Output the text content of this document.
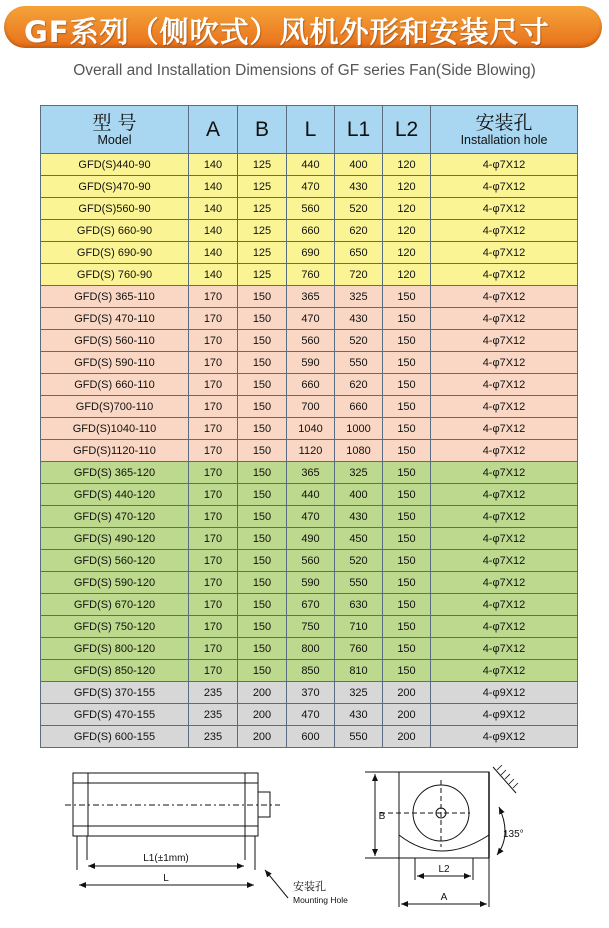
GF系列（侧吹式）风机外形和安装尺寸
Overall and Installation Dimensions of GF series Fan(Side Blowing)
型 号
Model	A	B	L	L1	L2	安装孔
Installation hole

GFD(S)440-90	140	125	440	400	120	4-φ7X12
GFD(S)470-90	140	125	470	430	120	4-φ7X12
GFD(S)560-90	140	125	560	520	120	4-φ7X12
GFD(S) 660-90	140	125	660	620	120	4-φ7X12
GFD(S) 690-90	140	125	690	650	120	4-φ7X12
GFD(S) 760-90	140	125	760	720	120	4-φ7X12
GFD(S) 365-110	170	150	365	325	150	4-φ7X12
GFD(S) 470-110	170	150	470	430	150	4-φ7X12
GFD(S) 560-110	170	150	560	520	150	4-φ7X12
GFD(S) 590-110	170	150	590	550	150	4-φ7X12
GFD(S) 660-110	170	150	660	620	150	4-φ7X12
GFD(S)700-110	170	150	700	660	150	4-φ7X12
GFD(S)1040-110	170	150	1040	1000	150	4-φ7X12
GFD(S)1120-110	170	150	1120	1080	150	4-φ7X12
GFD(S) 365-120	170	150	365	325	150	4-φ7X12
GFD(S) 440-120	170	150	440	400	150	4-φ7X12
GFD(S) 470-120	170	150	470	430	150	4-φ7X12
GFD(S) 490-120	170	150	490	450	150	4-φ7X12
GFD(S) 560-120	170	150	560	520	150	4-φ7X12
GFD(S) 590-120	170	150	590	550	150	4-φ7X12
GFD(S) 670-120	170	150	670	630	150	4-φ7X12
GFD(S) 750-120	170	150	750	710	150	4-φ7X12
GFD(S) 800-120	170	150	800	760	150	4-φ7X12
GFD(S) 850-120	170	150	850	810	150	4-φ7X12
GFD(S) 370-155	235	200	370	325	200	4-φ9X12
GFD(S) 470-155	235	200	470	430	200	4-φ9X12
GFD(S) 600-155	235	200	600	550	200	4-φ9X12
L1(±1mm)
L
安装孔
Mounting Hole
B
L2
A
135°
